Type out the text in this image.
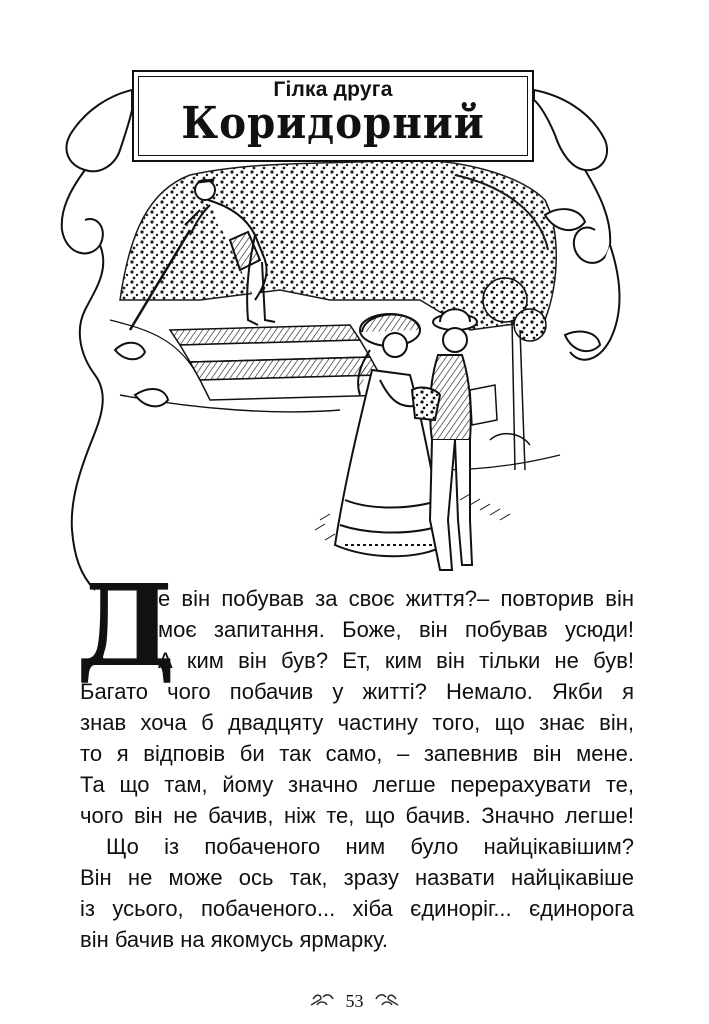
Гілка друга
Коридорний
Д
е він побував за своє життя?– повторив він
моє запитання. Боже, він побував усюди!
А ким він був? Ет, ким він тільки не був!
Багато чого побачив у житті? Немало. Якби я
знав хоча б двадцяту частину того, що знає він,
то я відповів би так само, – запевнив він мене.
Та що там, йому значно легше перерахувати те,
чого він не бачив, ніж те, що бачив. Значно легше!
Що із побаченого ним було найцікавішим?
Він не може ось так, зразу назвати найцікавіше
із усього, побаченого... хіба єдиноріг... єдинорога
він бачив на якомусь ярмарку.
53
